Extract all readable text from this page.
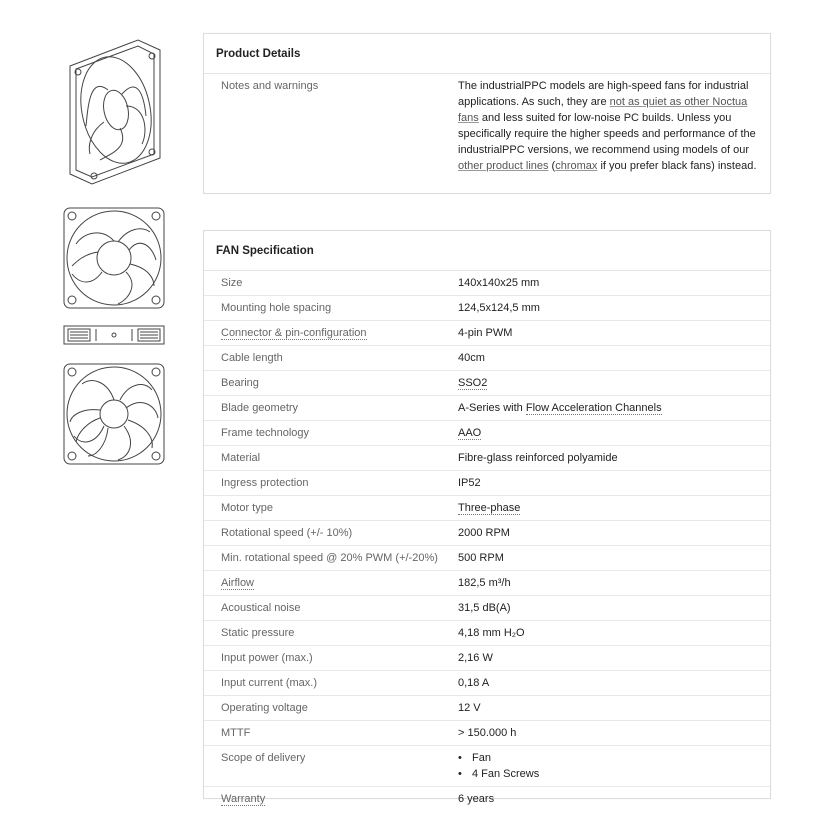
Product Details
Notes and warnings	The industrialPPC models are high-speed fans for industrial applications. As such, they are not as quiet as other Noctua fans and less suited for low-noise PC builds. Unless you specifically require the higher speeds and performance of the industrialPPC versions, we recommend using models of our other product lines (chromax if you prefer black fans) instead.
FAN Specification
Size	140x140x25 mm
Mounting hole spacing	124,5x124,5 mm
Connector & pin-configuration	4-pin PWM
Cable length	40cm
Bearing	SSO2
Blade geometry	A-Series with Flow Acceleration Channels
Frame technology	AAO
Material	Fibre-glass reinforced polyamide
Ingress protection	IP52
Motor type	Three-phase
Rotational speed (+/- 10%)	2000 RPM
Min. rotational speed @ 20% PWM (+/-20%) 500 RPM
Airflow	182,5 m³/h
Acoustical noise	31,5 dB(A)
Static pressure	4,18 mm H₂O
Input power (max.)	2,16 W
Input current (max.)	0,18 A
Operating voltage	12 V
MTTF	> 150.000 h
Scope of delivery
•	Fan
• 4 Fan Screws
Warranty	6 years
